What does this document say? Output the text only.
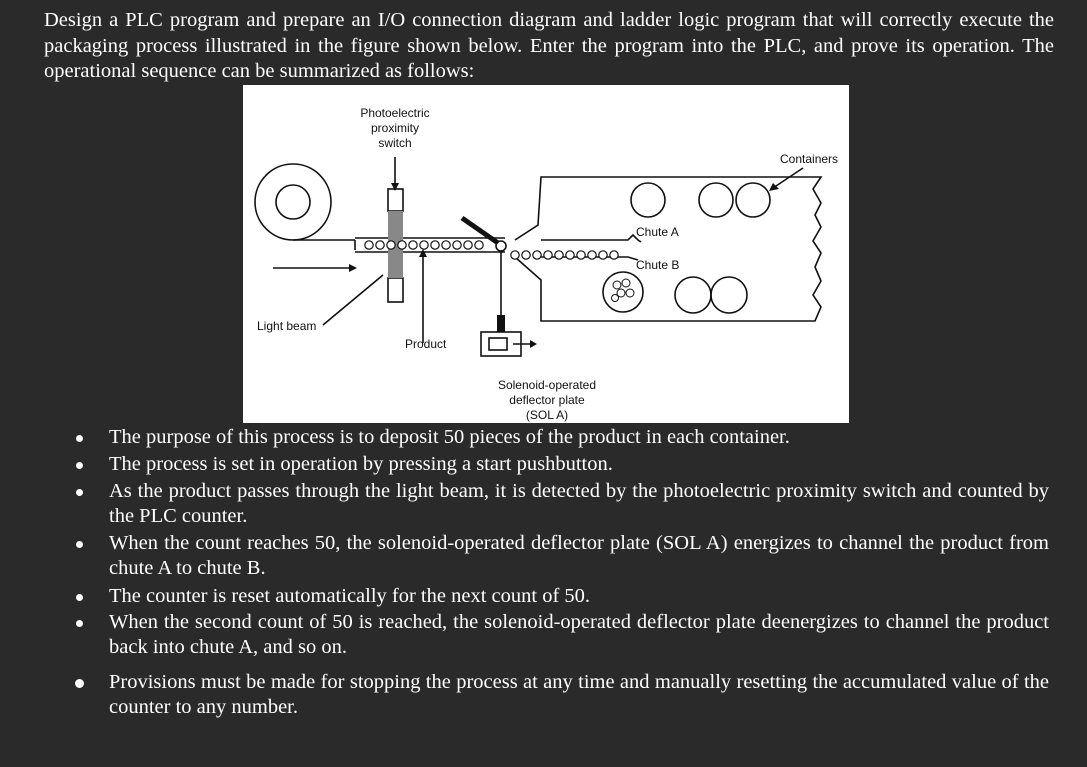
Design a PLC program and prepare an I/O connection diagram and ladder logic program that will correctly execute the packaging process illustrated in the figure shown below. Enter the program into the PLC, and prove its operation. The operational sequence can be summarized as follows:

Photoelectric
proximity
switch
Containers
Chute A
Chute B
Light beam
Product
Solenoid-operated
deflector plate
(SOL A)
The purpose of this process is to deposit 50 pieces of the product in each container.
The process is set in operation by pressing a start pushbutton.
As the product passes through the light beam, it is detected by the photoelectric proximity switch and counted by the PLC counter.
When the count reaches 50, the solenoid-operated deflector plate (SOL A) energizes to channel the product from chute A to chute B.
The counter is reset automatically for the next count of 50.
When the second count of 50 is reached, the solenoid-operated deflector plate deenergizes to channel the product back into chute A, and so on.
Provisions must be made for stopping the process at any time and manually resetting the accumulated value of the counter to any number.
